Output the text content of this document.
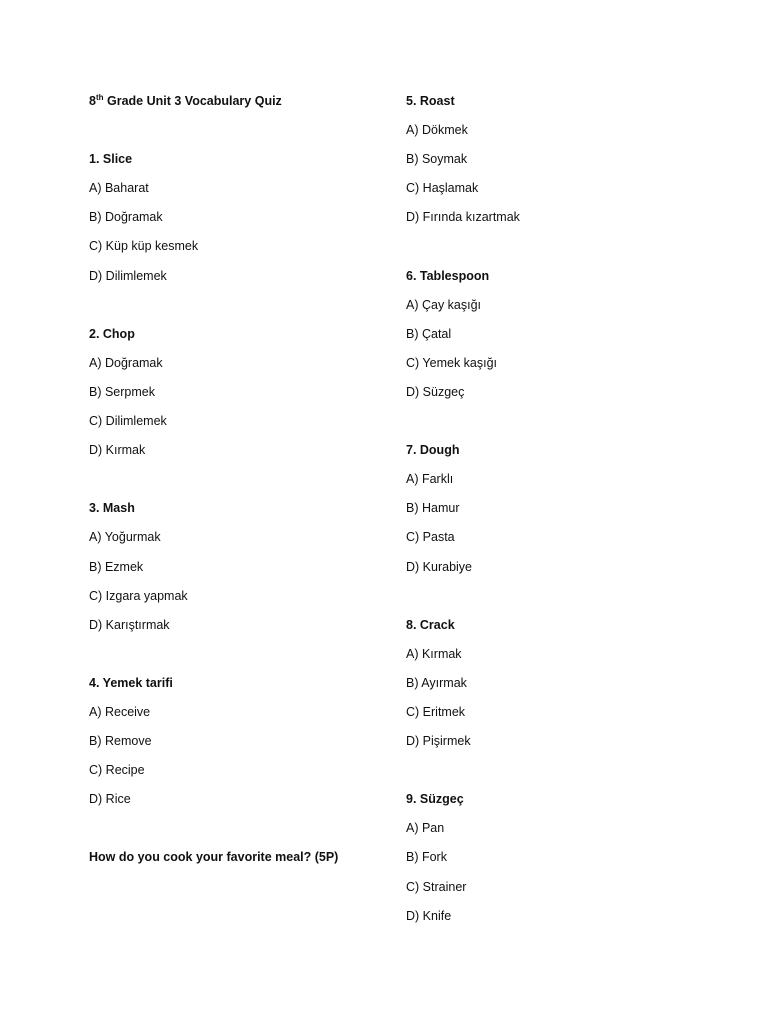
8th Grade Unit 3 Vocabulary Quiz
1. Slice
A) Baharat
B) Doğramak
C) Küp küp kesmek
D) Dilimlemek
2. Chop
A) Doğramak
B) Serpmek
C) Dilimlemek
D) Kırmak
3. Mash
A) Yoğurmak
B) Ezmek
C) Izgara yapmak
D) Karıştırmak
4. Yemek tarifi
A) Receive
B) Remove
C) Recipe
D) Rice
How do you cook your favorite meal? (5P)
5. Roast
A) Dökmek
B) Soymak
C) Haşlamak
D) Fırında kızartmak
6. Tablespoon
A) Çay kaşığı
B) Çatal
C) Yemek kaşığı
D) Süzgeç
7. Dough
A) Farklı
B) Hamur
C) Pasta
D) Kurabiye
8. Crack
A) Kırmak
B) Ayırmak
C) Eritmek
D) Pişirmek
9. Süzgeç
A) Pan
B) Fork
C) Strainer
D) Knife
